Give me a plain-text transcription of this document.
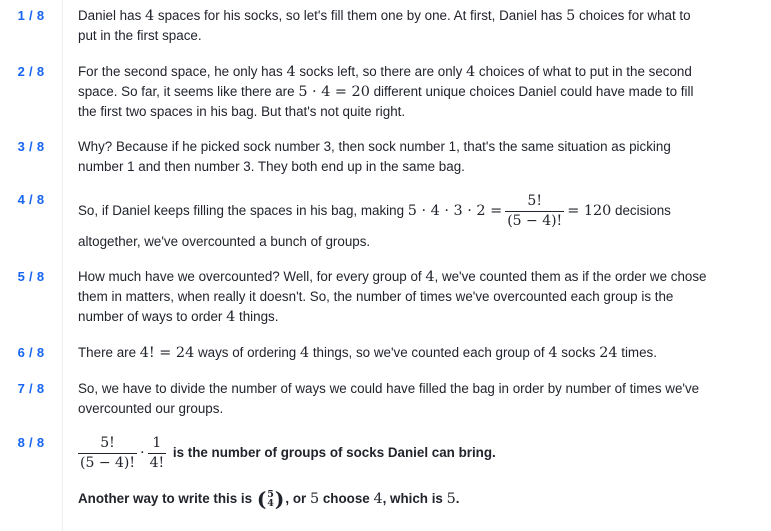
1 / 8	Daniel has 4 spaces for his socks, so let's fill them one by one. At first, Daniel has 5 choices for what to put in the first space.
2 / 8	For the second space, he only has 4 socks left, so there are only 4 choices of what to put in the second space. So far, it seems like there are 5 · 4 = 20 different unique choices Daniel could have made to fill the first two spaces in his bag. But that's not quite right.
3 / 8	Why? Because if he picked sock number 3, then sock number 1, that's the same situation as picking number 1 and then number 3. They both end up in the same bag.
4 / 8
So, if Daniel keeps filling the spaces in his bag, making $5 \cdot 4 \cdot 3 \cdot 2 = \frac{5!}{(5 - 4)!} = 120$ decisions
altogether, we've overcounted a bunch of groups.
5 / 8	How much have we overcounted? Well, for every group of 4, we've counted them as if the order we chose them in matters, when really it doesn't. So, the number of times we've overcounted each group is the number of ways to order 4 things.
6 / 8	There are 4! = 24 ways of ordering 4 things, so we've counted each group of 4 socks 24 times.
7 / 8	So, we have to divide the number of ways we could have filled the bag in order by number of times we've overcounted our groups.
8 / 8	$\frac{5!}{(5 - 4)!} \cdot \frac{1}{4!}$ is the number of groups of socks Daniel can bring.
Another way to write this is ( 5
4 ) , or 5 choose 4, which is 5.
